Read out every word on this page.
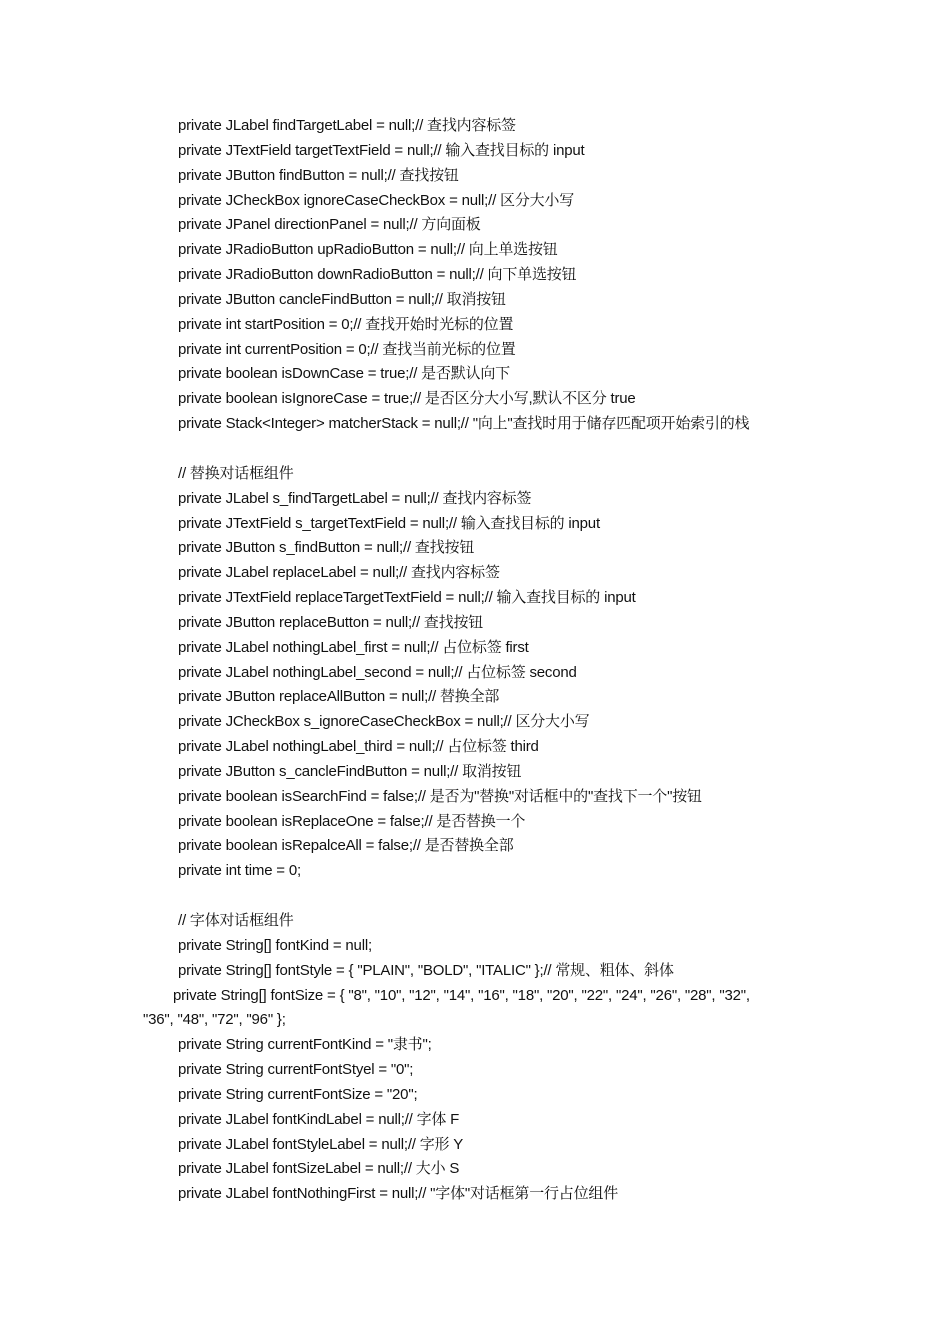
private JLabel findTargetLabel = null;// 查找内容标签
private JTextField targetTextField = null;// 输入查找目标的 input
private JButton findButton = null;// 查找按钮
private JCheckBox ignoreCaseCheckBox = null;// 区分大小写
private JPanel directionPanel = null;// 方向面板
private JRadioButton upRadioButton = null;// 向上单选按钮
private JRadioButton downRadioButton = null;// 向下单选按钮
private JButton cancleFindButton = null;// 取消按钮
private int startPosition = 0;// 查找开始时光标的位置
private int currentPosition = 0;// 查找当前光标的位置
private boolean isDownCase = true;// 是否默认向下
private boolean isIgnoreCase = true;// 是否区分大小写,默认不区分 true
private Stack<Integer> matcherStack = null;// "向上"查找时用于储存匹配项开始索引的栈
// 替换对话框组件
private JLabel s_findTargetLabel = null;// 查找内容标签
private JTextField s_targetTextField = null;// 输入查找目标的 input
private JButton s_findButton = null;// 查找按钮
private JLabel replaceLabel = null;// 查找内容标签
private JTextField replaceTargetTextField = null;// 输入查找目标的 input
private JButton replaceButton = null;// 查找按钮
private JLabel nothingLabel_first = null;// 占位标签 first
private JLabel nothingLabel_second = null;// 占位标签 second
private JButton replaceAllButton = null;// 替换全部
private JCheckBox s_ignoreCaseCheckBox = null;// 区分大小写
private JLabel nothingLabel_third = null;// 占位标签 third
private JButton s_cancleFindButton = null;// 取消按钮
private boolean isSearchFind = false;// 是否为"替换"对话框中的"查找下一个"按钮
private boolean isReplaceOne = false;// 是否替换一个
private boolean isRepalceAll = false;// 是否替换全部
private int time = 0;
// 字体对话框组件
private String[] fontKind = null;
private String[] fontStyle = { "PLAIN", "BOLD", "ITALIC" };// 常规、粗体、斜体
private String[] fontSize = { "8", "10", "12", "14", "16", "18", "20", "22", "24", "26", "28", "32",
"36", "48", "72", "96" };
private String currentFontKind = "隶书";
private String currentFontStyel = "0";
private String currentFontSize = "20";
private JLabel fontKindLabel = null;// 字体 F
private JLabel fontStyleLabel = null;// 字形 Y
private JLabel fontSizeLabel = null;// 大小 S
private JLabel fontNothingFirst = null;// "字体"对话框第一行占位组件
